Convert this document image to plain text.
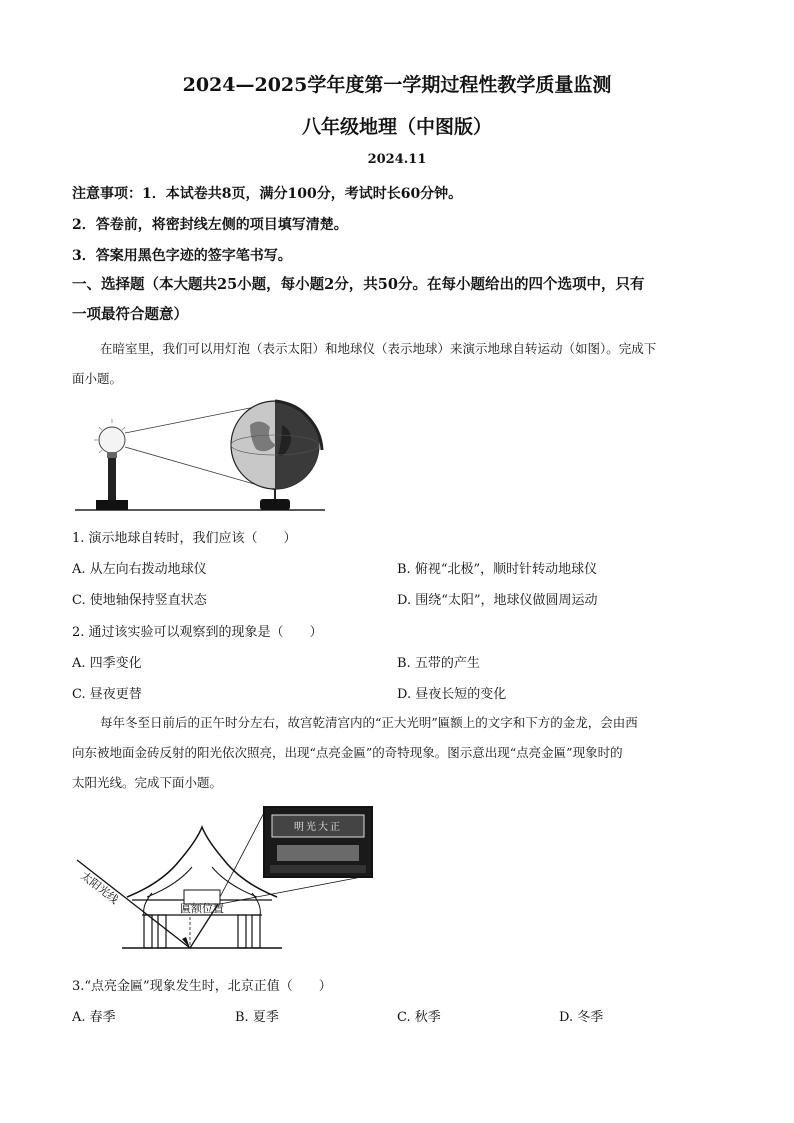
2024—2025学年度第一学期过程性教学质量监测
八年级地理（中图版）
2024.11
注意事项：1．本试卷共8页，满分100分，考试时长60分钟。
2．答卷前，将密封线左侧的项目填写清楚。
3．答案用黑色字迹的签字笔书写。
一、选择题（本大题共25小题，每小题2分，共50分。在每小题给出的四个选项中，只有
一项最符合题意）
在暗室里，我们可以用灯泡（表示太阳）和地球仪（表示地球）来演示地球自转运动（如图）。完成下
面小题。
1. 演示地球自转时，我们应该（　　）
A. 从左向右拨动地球仪	B. 俯视“北极”，顺时针转动地球仪
C. 使地轴保持竖直状态	D. 围绕“太阳”，地球仪做圆周运动
2. 通过该实验可以观察到的现象是（　　）
A. 四季变化	B. 五带的产生
C. 昼夜更替	D. 昼夜长短的变化
每年冬至日前后的正午时分左右，故宫乾清宫内的“正大光明”匾额上的文字和下方的金龙，会由西
向东被地面金砖反射的阳光依次照亮，出现“点亮金匾”的奇特现象。图示意出现“点亮金匾”现象时的
太阳光线。完成下面小题。
匾额位置
太阳光线
明光大正
3.“点亮金匾”现象发生时，北京正值（　　）
A. 春季	B. 夏季	C. 秋季	D. 冬季
